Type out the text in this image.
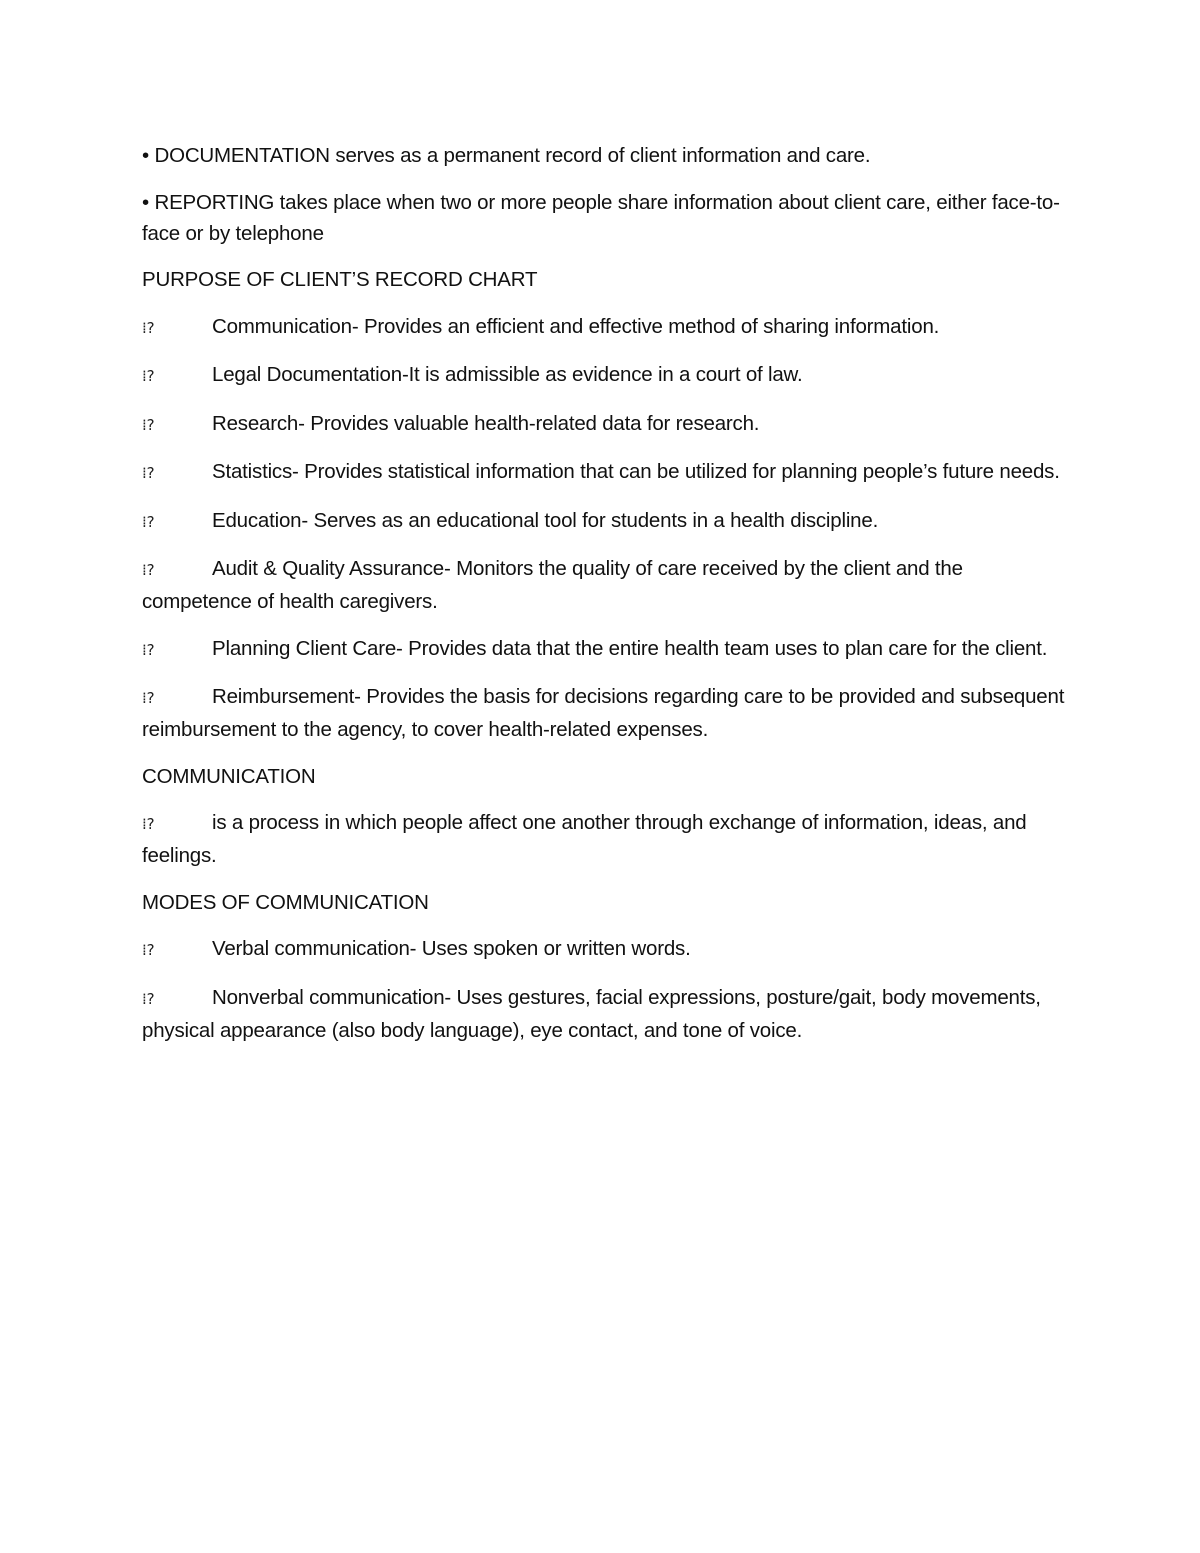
• DOCUMENTATION serves as a permanent record of client information and care.

• REPORTING takes place when two or more people share information about client care, either face-to-face or by telephone

PURPOSE OF CLIENT’S RECORD CHART

⁞?	Communication- Provides an efficient and effective method of sharing information.

⁞?	Legal Documentation-It is admissible as evidence in a court of law.

⁞?	Research- Provides valuable health-related data for research.

⁞?	Statistics- Provides statistical information that can be utilized for planning people’s future needs.

⁞?	Education- Serves as an educational tool for students in a health discipline.

⁞?	Audit & Quality Assurance- Monitors the quality of care received by the client and the competence of health caregivers.

⁞?	Planning Client Care- Provides data that the entire health team uses to plan care for the client.

⁞?	Reimbursement- Provides the basis for decisions regarding care to be provided and subsequent reimbursement to the agency, to cover health-related expenses.

COMMUNICATION

⁞?	is a process in which people affect one another through exchange of information, ideas, and feelings.

MODES OF COMMUNICATION

⁞?	Verbal communication- Uses spoken or written words.

⁞?	Nonverbal communication- Uses gestures, facial expressions, posture/gait, body movements, physical appearance (also body language), eye contact, and tone of voice.
